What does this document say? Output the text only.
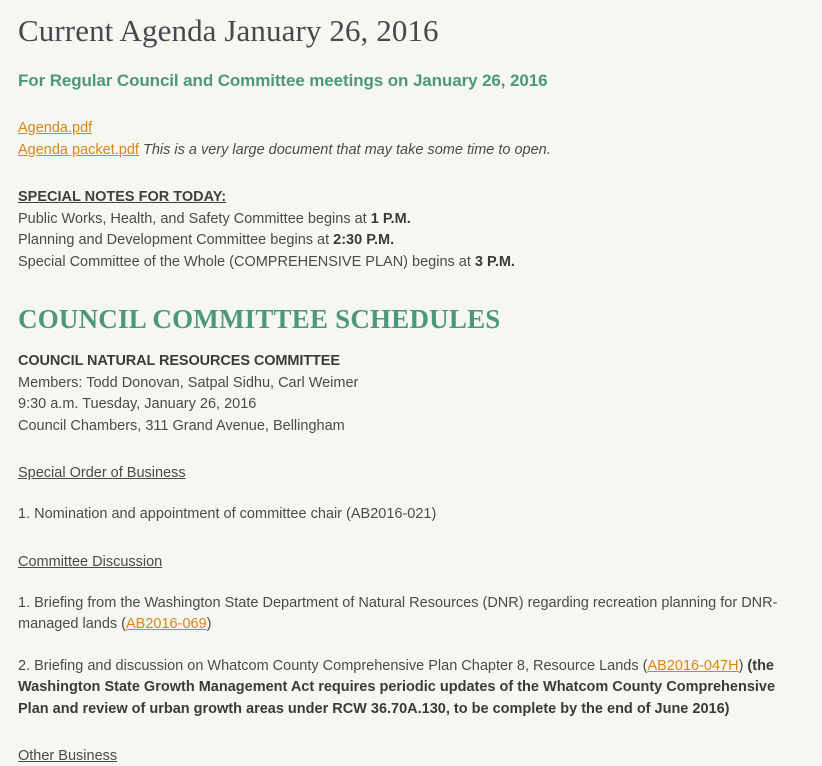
Current Agenda January 26, 2016
For Regular Council and Committee meetings on January 26, 2016
Agenda.pdf
Agenda packet.pdf This is a very large document that may take some time to open.
SPECIAL NOTES FOR TODAY:
Public Works, Health, and Safety Committee begins at 1 P.M.
Planning and Development Committee begins at 2:30 P.M.
Special Committee of the Whole (COMPREHENSIVE PLAN) begins at 3 P.M.
COUNCIL COMMITTEE SCHEDULES
COUNCIL NATURAL RESOURCES COMMITTEE
Members: Todd Donovan, Satpal Sidhu, Carl Weimer
9:30 a.m. Tuesday, January 26, 2016
Council Chambers, 311 Grand Avenue, Bellingham
Special Order of Business
1. Nomination and appointment of committee chair (AB2016-021)
Committee Discussion
1. Briefing from the Washington State Department of Natural Resources (DNR) regarding recreation planning for DNR-managed lands (AB2016-069)
2. Briefing and discussion on Whatcom County Comprehensive Plan Chapter 8, Resource Lands (AB2016-047H) (the Washington State Growth Management Act requires periodic updates of the Whatcom County Comprehensive Plan and review of urban growth areas under RCW 36.70A.130, to be complete by the end of June 2016)
Other Business
